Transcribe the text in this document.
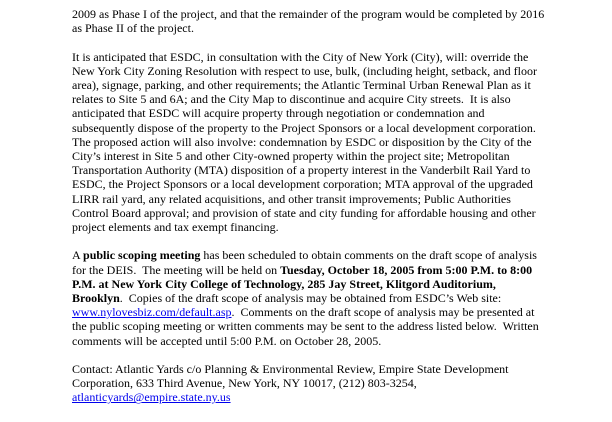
2009 as Phase I of the project, and that the remainder of the program would be completed by 2016 as Phase II of the project.

It is anticipated that ESDC, in consultation with the City of New York (City), will: override the New York City Zoning Resolution with respect to use, bulk, (including height, setback, and floor area), signage, parking, and other requirements; the Atlantic Terminal Urban Renewal Plan as it relates to Site 5 and 6A; and the City Map to discontinue and acquire City streets.  It is also anticipated that ESDC will acquire property through negotiation or condemnation and subsequently dispose of the property to the Project Sponsors or a local development corporation.  The proposed action will also involve: condemnation by ESDC or disposition by the City of the City’s interest in Site 5 and other City-owned property within the project site; Metropolitan Transportation Authority (MTA) disposition of a property interest in the Vanderbilt Rail Yard to ESDC, the Project Sponsors or a local development corporation; MTA approval of the upgraded LIRR rail yard, any related acquisitions, and other transit improvements; Public Authorities Control Board approval; and provision of state and city funding for affordable housing and other project elements and tax exempt financing.

A public scoping meeting has been scheduled to obtain comments on the draft scope of analysis for the DEIS.  The meeting will be held on Tuesday, October 18, 2005 from 5:00 P.M. to 8:00 P.M. at New York City College of Technology, 285 Jay Street, Klitgord Auditorium, Brooklyn.  Copies of the draft scope of analysis may be obtained from ESDC’s Web site: www.nylovesbiz.com/default.asp.  Comments on the draft scope of analysis may be presented at the public scoping meeting or written comments may be sent to the address listed below.  Written comments will be accepted until 5:00 P.M. on October 28, 2005.

Contact: Atlantic Yards c/o Planning & Environmental Review, Empire State Development Corporation, 633 Third Avenue, New York, NY 10017, (212) 803-3254, atlanticyards@empire.state.ny.us
